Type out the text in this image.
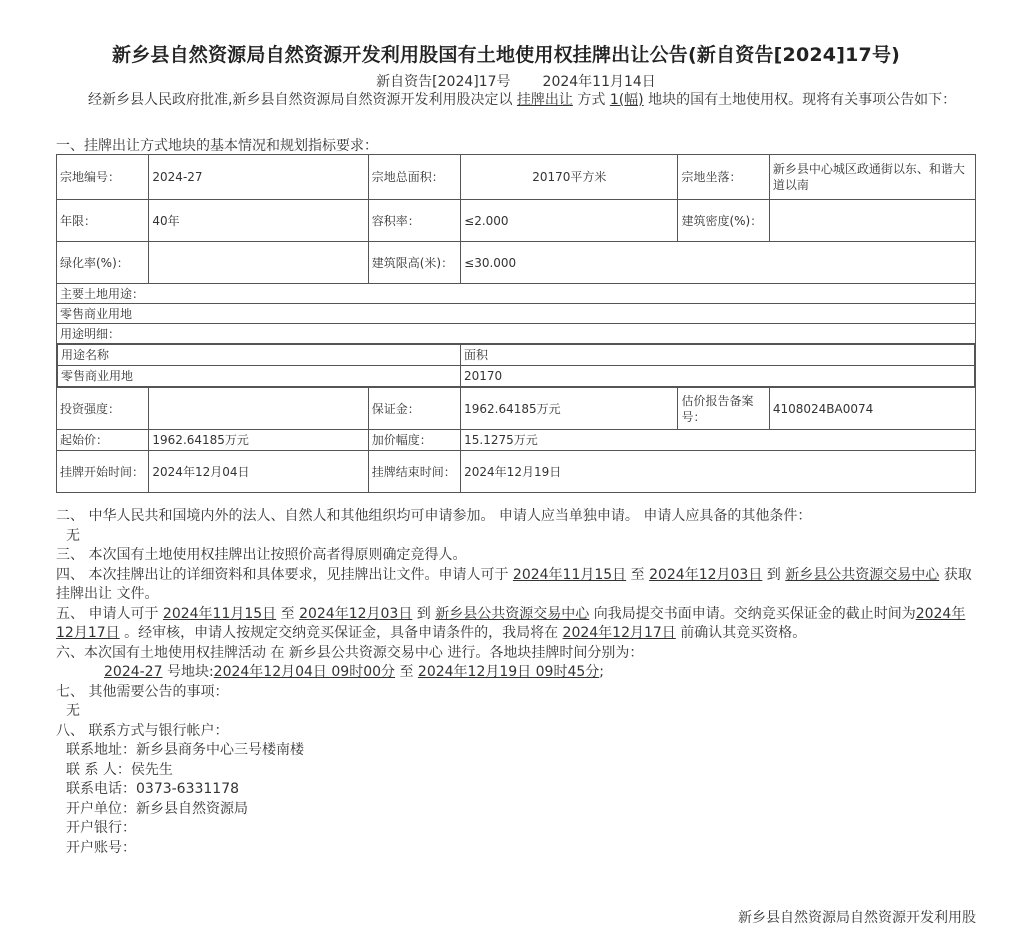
新乡县自然资源局自然资源开发利用股国有土地使用权挂牌出让公告(新自资告[2024]17号)
新自资告[2024]17号 2024年11月14日
经新乡县人民政府批准,新乡县自然资源局自然资源开发利用股决定以 挂牌出让 方式 1(幅) 地块的国有土地使用权。现将有关事项公告如下：
一、挂牌出让方式地块的基本情况和规划指标要求：
宗地编号：	2024-27	宗地总面积：	20170平方米	宗地坐落：	新乡县中心城区政通街以东、和谐大道以南
年限：	40年	容积率：	≤2.000	建筑密度(%)：	
绿化率(%)：		建筑限高(米)：	≤30.000
主要土地用途：
零售商业用地
用途明细：

用途名称	面积
零售商业用地	20170

投资强度：		保证金：	1962.64185万元	估价报告备案号：	4108024BA0074
起始价：	1962.64185万元	加价幅度：	15.1275万元
挂牌开始时间：	2024年12月04日	挂牌结束时间：	2024年12月19日

二、 中华人民共和国境内外的法人、自然人和其他组织均可申请参加。 申请人应当单独申请。 申请人应具备的其他条件：

无

三、 本次国有土地使用权挂牌出让按照价高者得原则确定竞得人。

四、 本次挂牌出让的详细资料和具体要求，见挂牌出让文件。申请人可于 2024年11月15日 至 2024年12月03日 到 新乡县公共资源交易中心 获取 挂牌出让 文件。

五、 申请人可于 2024年11月15日 至 2024年12月03日 到 新乡县公共资源交易中心 向我局提交书面申请。交纳竞买保证金的截止时间为2024年12月17日 。经审核，申请人按规定交纳竞买保证金，具备申请条件的，我局将在 2024年12月17日 前确认其竞买资格。

六、本次国有土地使用权挂牌活动 在 新乡县公共资源交易中心 进行。各地块挂牌时间分别为：

2024-27 号地块:2024年12月04日 09时00分 至 2024年12月19日 09时45分;

七、 其他需要公告的事项：

无

八、 联系方式与银行帐户：

联系地址：新乡县商务中心三号楼南楼

联 系 人：侯先生

联系电话：0373-6331178

开户单位：新乡县自然资源局

开户银行：

开户账号：

新乡县自然资源局自然资源开发利用股
